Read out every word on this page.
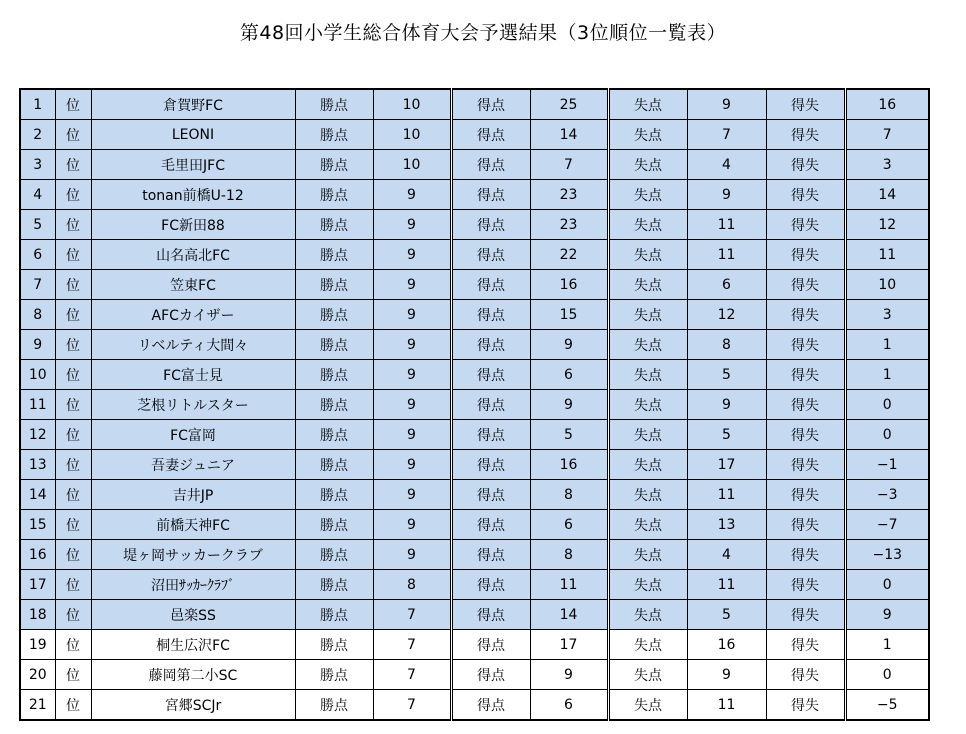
第48回小学生総合体育大会予選結果（3位順位一覧表）
1	位	倉賀野FC	勝点	10	得点	25	失点	9	得失	16
2	位	LEONI	勝点	10	得点	14	失点	7	得失	7
3	位	毛里田JFC	勝点	10	得点	7	失点	4	得失	3
4	位	tonan前橋U-12	勝点	9	得点	23	失点	9	得失	14
5	位	FC新田88	勝点	9	得点	23	失点	11	得失	12
6	位	山名高北FC	勝点	9	得点	22	失点	11	得失	11
7	位	笠東FC	勝点	9	得点	16	失点	6	得失	10
8	位	AFCカイザー	勝点	9	得点	15	失点	12	得失	3
9	位	リベルティ大間々	勝点	9	得点	9	失点	8	得失	1
10	位	FC富士見	勝点	9	得点	6	失点	5	得失	1
11	位	芝根リトルスター	勝点	9	得点	9	失点	9	得失	0
12	位	FC富岡	勝点	9	得点	5	失点	5	得失	0
13	位	吾妻ジュニア	勝点	9	得点	16	失点	17	得失	−1
14	位	吉井JP	勝点	9	得点	8	失点	11	得失	−3
15	位	前橋天神FC	勝点	9	得点	6	失点	13	得失	−7
16	位	堤ヶ岡サッカークラブ	勝点	9	得点	8	失点	4	得失	−13
17	位	沼田ｻｯｶｰｸﾗﾌﾞ	勝点	8	得点	11	失点	11	得失	0
18	位	邑楽SS	勝点	7	得点	14	失点	5	得失	9
19	位	桐生広沢FC	勝点	7	得点	17	失点	16	得失	1
20	位	藤岡第二小SC	勝点	7	得点	9	失点	9	得失	0
21	位	宮郷SCJr	勝点	7	得点	6	失点	11	得失	−5
